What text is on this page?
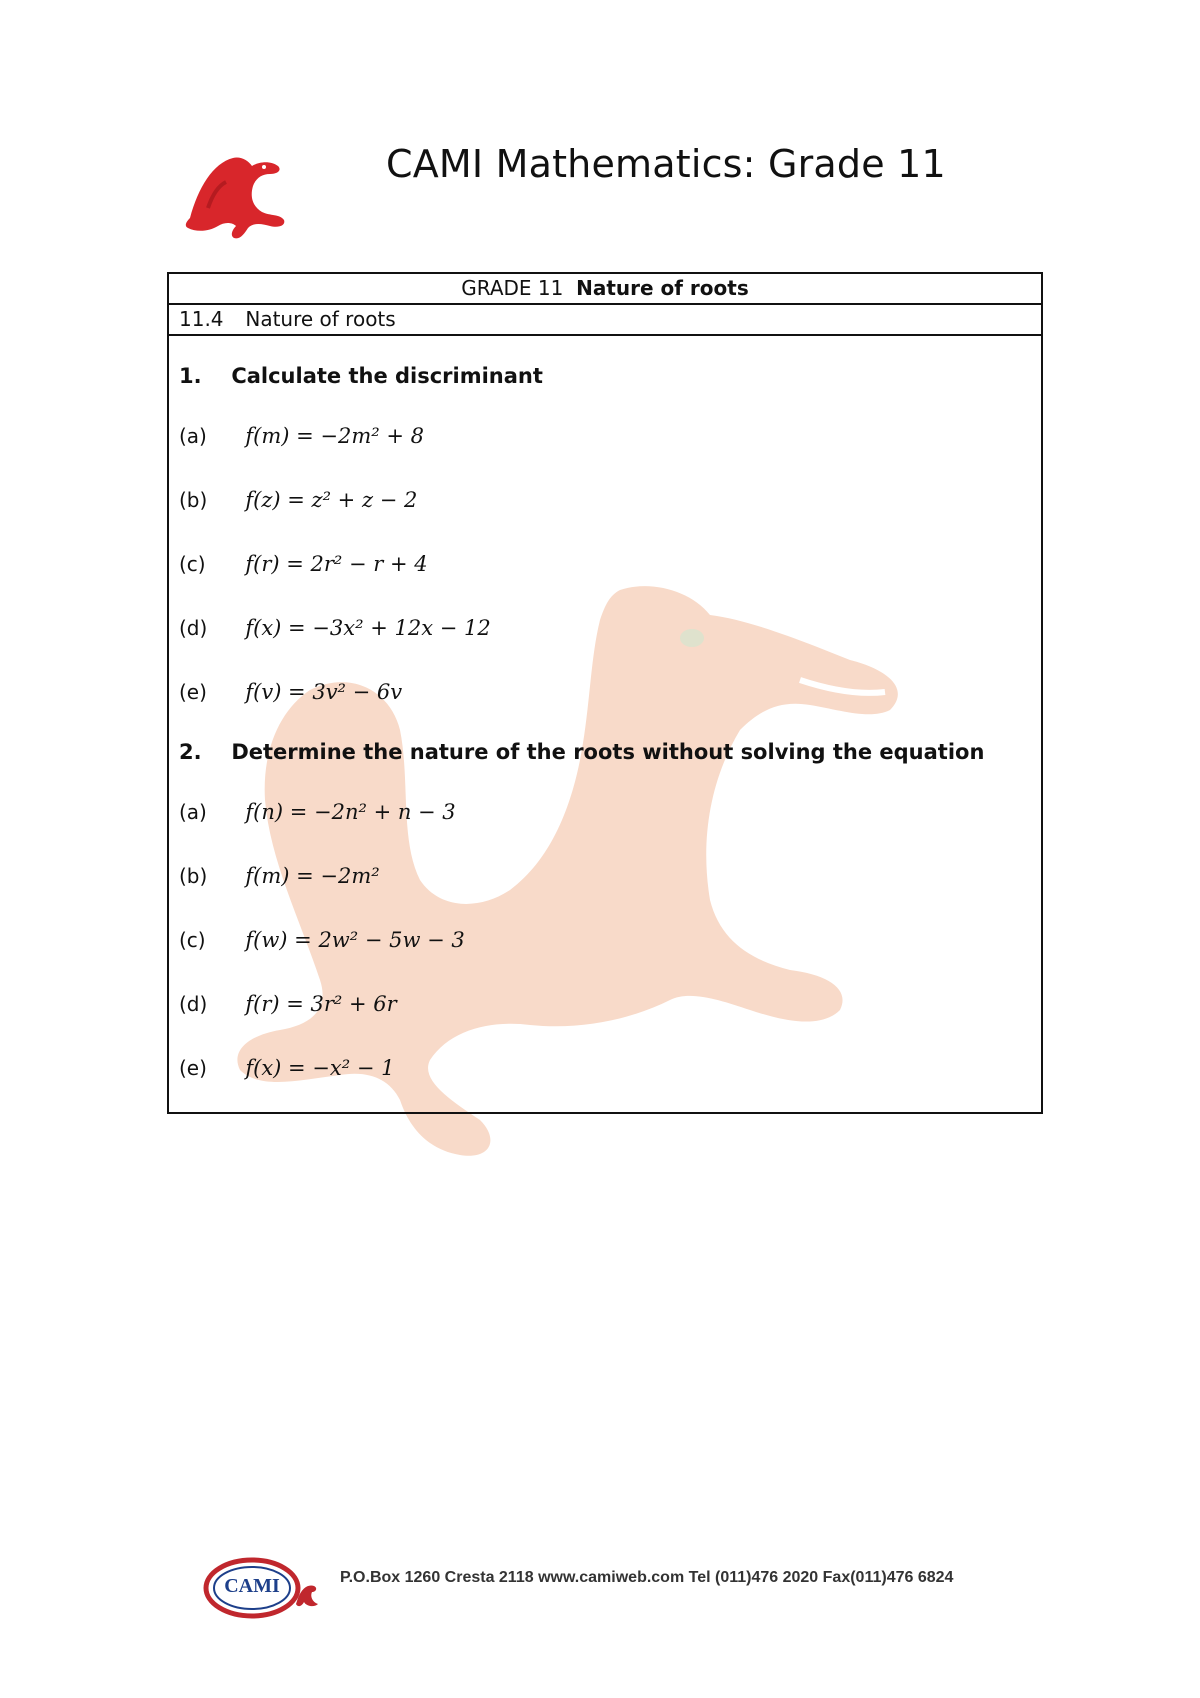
CAMI Mathematics: Grade 11
GRADE 11 Nature of roots
11.4 Nature of roots
1. Calculate the discriminant
(a) f(m) = −2m² + 8
(b) f(z) = z² + z − 2
(c) f(r) = 2r² − r + 4
(d) f(x) = −3x² + 12x − 12
(e) f(v) = 3v² − 6v
2. Determine the nature of the roots without solving the equation
(a) f(n) = −2n² + n − 3
(b) f(m) = −2m²
(c) f(w) = 2w² − 5w − 3
(d) f(r) = 3r² + 6r
(e) f(x) = −x² − 1
CAMI	P.O.Box 1260 Cresta 2118 www.camiweb.com Tel (011)476 2020 Fax(011)476 6824
